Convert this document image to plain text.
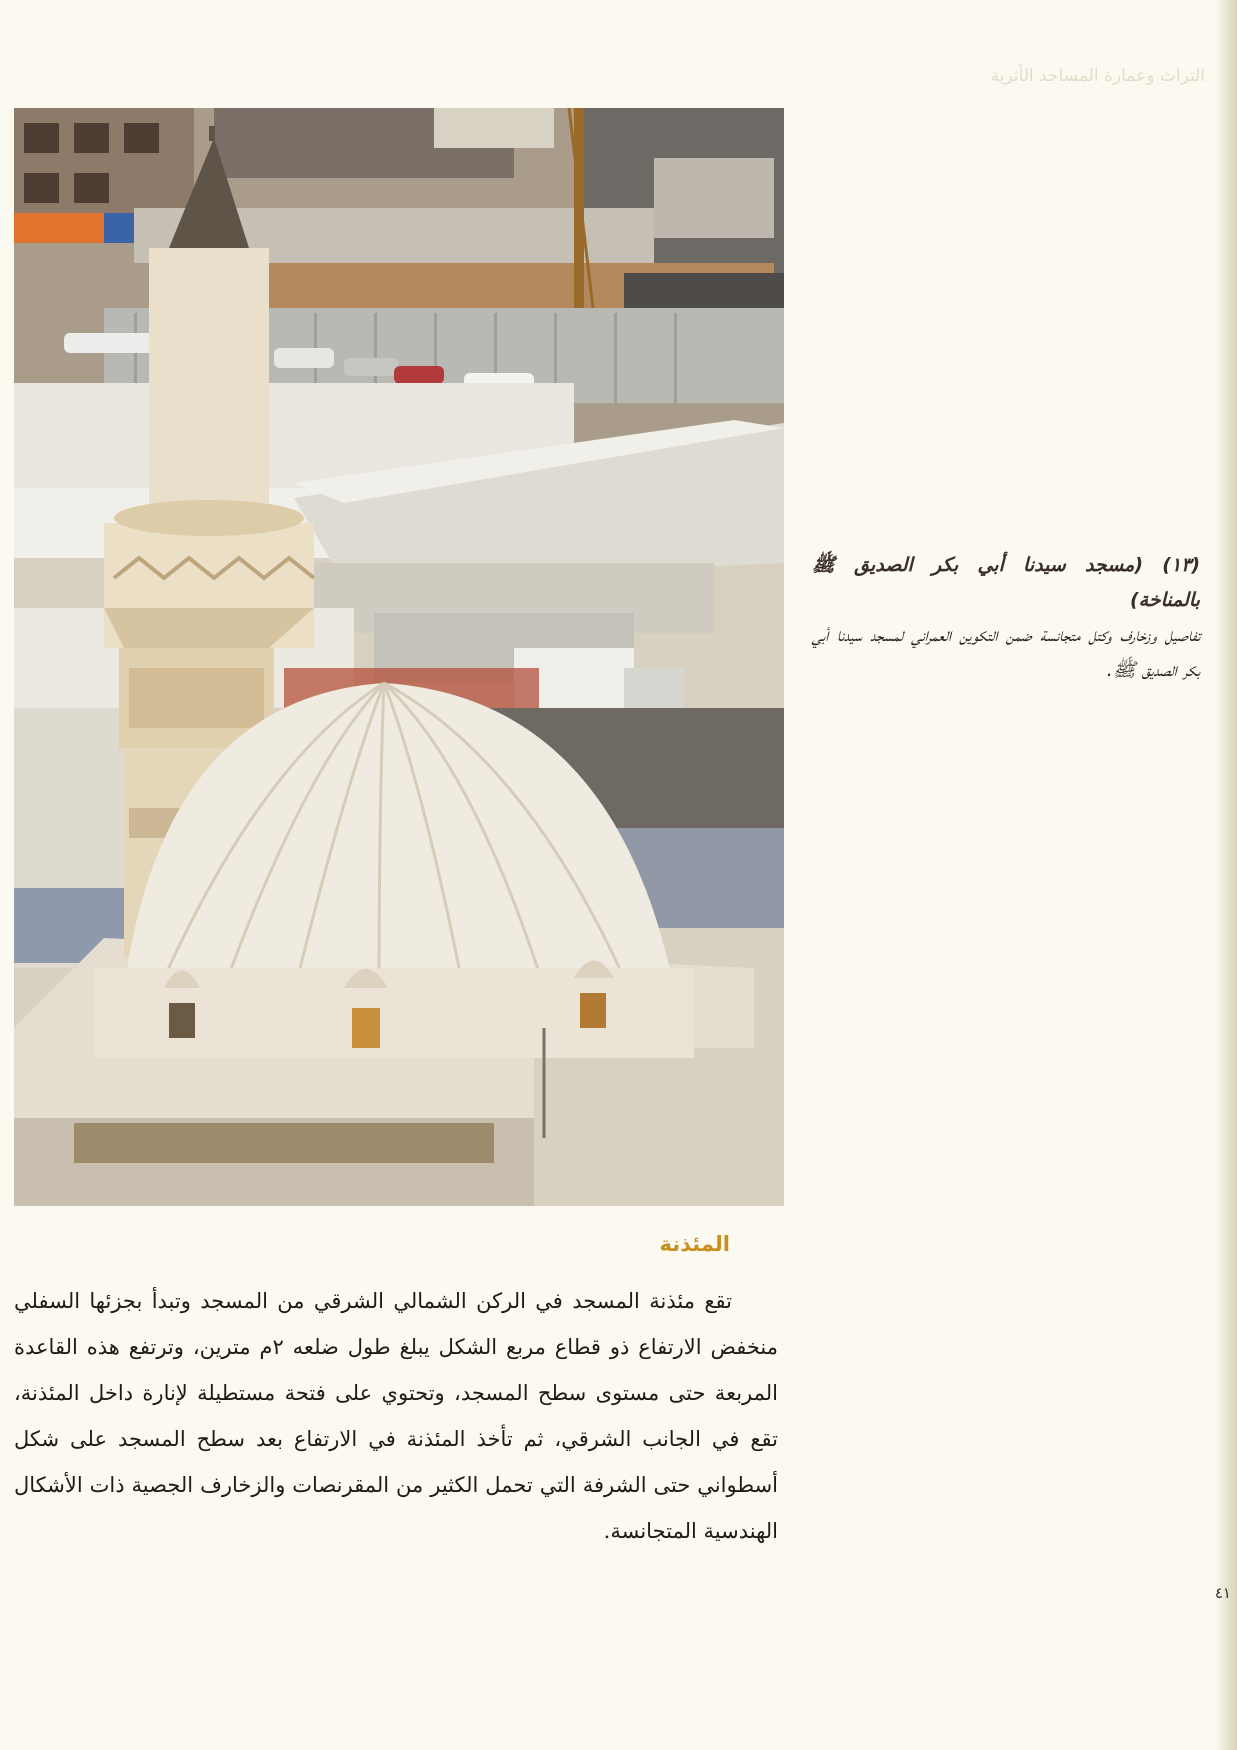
التراث وعمارة المساجد الأثرية
(١٣) (مسجد سيدنا أبي بكر الصديق ﷺ بالمناخة)
تفاصيل وزخارف وكتل متجانسة ضمن التكوين العمراني لمسجد سيدنا أبي بكر الصديق ﷺ.
المئذنة

تقع مئذنة المسجد في الركن الشمالي الشرقي من المسجد وتبدأ بجزئها السفلي منخفض الارتفاع ذو قطاع مربع الشكل يبلغ طول ضلعه ٢م مترين، وترتفع هذه القاعدة المربعة حتى مستوى سطح المسجد، وتحتوي على فتحة مستطيلة لإنارة داخل المئذنة، تقع في الجانب الشرقي، ثم تأخذ المئذنة في الارتفاع بعد سطح المسجد على شكل أسطواني حتى الشرفة التي تحمل الكثير من المقرنصات والزخارف الجصية ذات الأشكال الهندسية المتجانسة.

٤١
